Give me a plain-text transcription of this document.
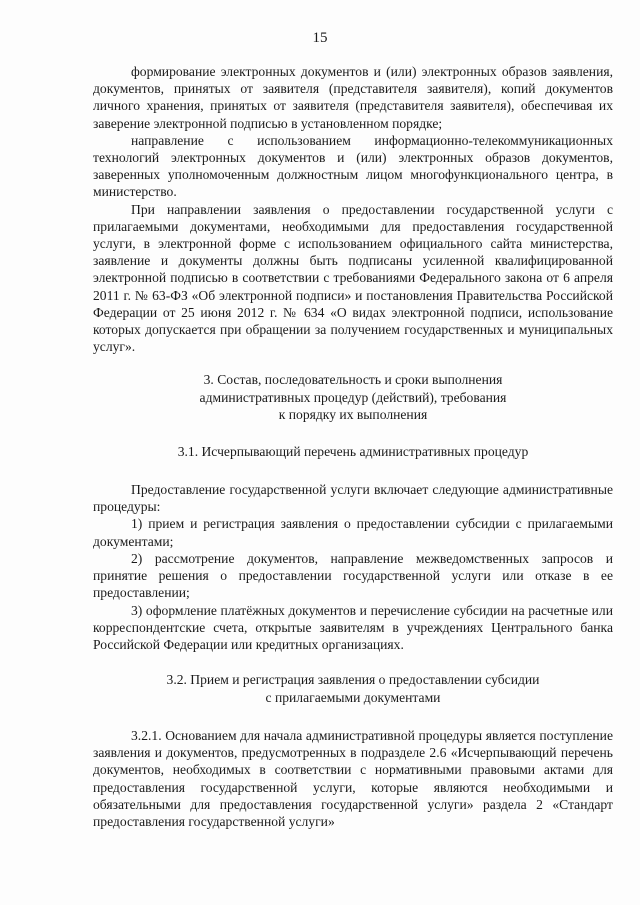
15

формирование электронных документов и (или) электронных образов заявления, документов, принятых от заявителя (представителя заявителя), копий документов личного хранения, принятых от заявителя (представителя заявителя), обеспечивая их заверение электронной подписью в установленном порядке;

направление с использованием информационно-телекоммуникационных технологий электронных документов и (или) электронных образов документов, заверенных уполномоченным должностным лицом многофункционального центра, в министерство.

При направлении заявления о предоставлении государственной услуги с прилагаемыми документами, необходимыми для предоставления государственной услуги, в электронной форме с использованием официального сайта министерства, заявление и документы должны быть подписаны усиленной квалифицированной электронной подписью в соответствии с требованиями Федерального закона от 6 апреля 2011 г. № 63-ФЗ «Об электронной подписи» и постановления Правительства Российской Федерации от 25 июня 2012 г. № 634 «О видах электронной подписи, использование которых допускается при обращении за получением государственных и муниципальных услуг».

3. Состав, последовательность и сроки выполнения
административных процедур (действий), требования
к порядку их выполнения
3.1. Исчерпывающий перечень административных процедур

Предоставление государственной услуги включает следующие административные процедуры:

1) прием и регистрация заявления о предоставлении субсидии с прилагаемыми документами;

2) рассмотрение документов, направление межведомственных запросов и принятие решения о предоставлении государственной услуги или отказе в ее предоставлении;

3) оформление платёжных документов и перечисление субсидии на расчетные или корреспондентские счета, открытые заявителям в учреждениях Центрального банка Российской Федерации или кредитных организациях.

3.2. Прием и регистрация заявления о предоставлении субсидии
с прилагаемыми документами

3.2.1. Основанием для начала административной процедуры является поступление заявления и документов, предусмотренных в подразделе 2.6 «Исчерпывающий перечень документов, необходимых в соответствии с нормативными правовыми актами для предоставления государственной услуги, которые являются необходимыми и обязательными для предоставления государственной услуги» раздела 2 «Стандарт предоставления государственной услуги»
